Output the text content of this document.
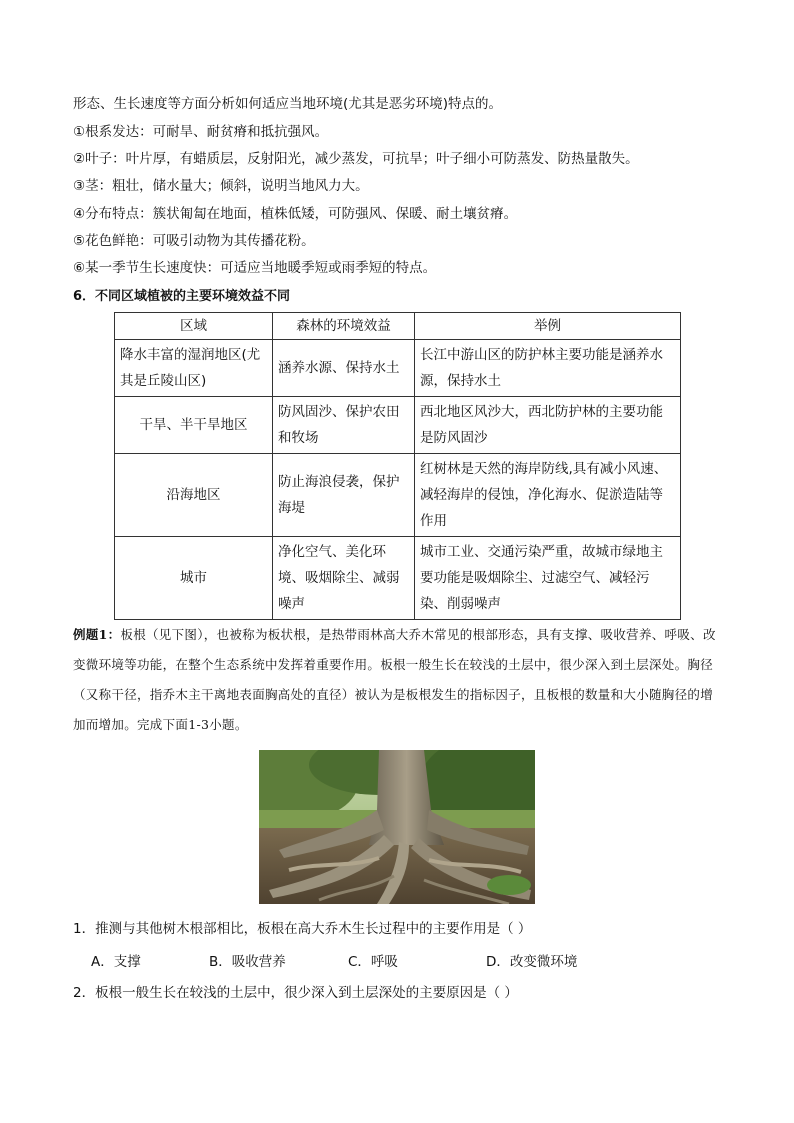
形态、生长速度等方面分析如何适应当地环境(尤其是恶劣环境)特点的。
①根系发达：可耐旱、耐贫瘠和抵抗强风。
②叶子：叶片厚，有蜡质层，反射阳光，减少蒸发，可抗旱；叶子细小可防蒸发、防热量散失。
③茎：粗壮，储水量大；倾斜，说明当地风力大。
④分布特点：簇状匍匐在地面，植株低矮，可防强风、保暖、耐土壤贫瘠。
⑤花色鲜艳：可吸引动物为其传播花粉。
⑥某一季节生长速度快：可适应当地暖季短或雨季短的特点。
6．不同区域植被的主要环境效益不同
区域	森林的环境效益	举例
降水丰富的湿润地区(尤其是丘陵山区)	涵养水源、保持水土	长江中游山区的防护林主要功能是涵养水源，保持水土
干旱、半干旱地区	防风固沙、保护农田和牧场	西北地区风沙大，西北防护林的主要功能是防风固沙
沿海地区	防止海浪侵袭，保护海堤	红树林是天然的海岸防线,具有减小风速、减轻海岸的侵蚀，净化海水、促淤造陆等作用
城市	净化空气、美化环境、吸烟除尘、减弱噪声	城市工业、交通污染严重，故城市绿地主要功能是吸烟除尘、过滤空气、减轻污染、削弱噪声
例题1：板根（见下图），也被称为板状根，是热带雨林高大乔木常见的根部形态，具有支撑、吸收营养、呼吸、改变微环境等功能，在整个生态系统中发挥着重要作用。板根一般生长在较浅的土层中，很少深入到土层深处。胸径（又称干径，指乔木主干离地表面胸高处的直径）被认为是板根发生的指标因子，且板根的数量和大小随胸径的增加而增加。完成下面1-3小题。
1．推测与其他树木根部相比，板根在高大乔木生长过程中的主要作用是（ ）
A．支撑	B．吸收营养	C．呼吸	D．改变微环境
2．板根一般生长在较浅的土层中，很少深入到土层深处的主要原因是（ ）
